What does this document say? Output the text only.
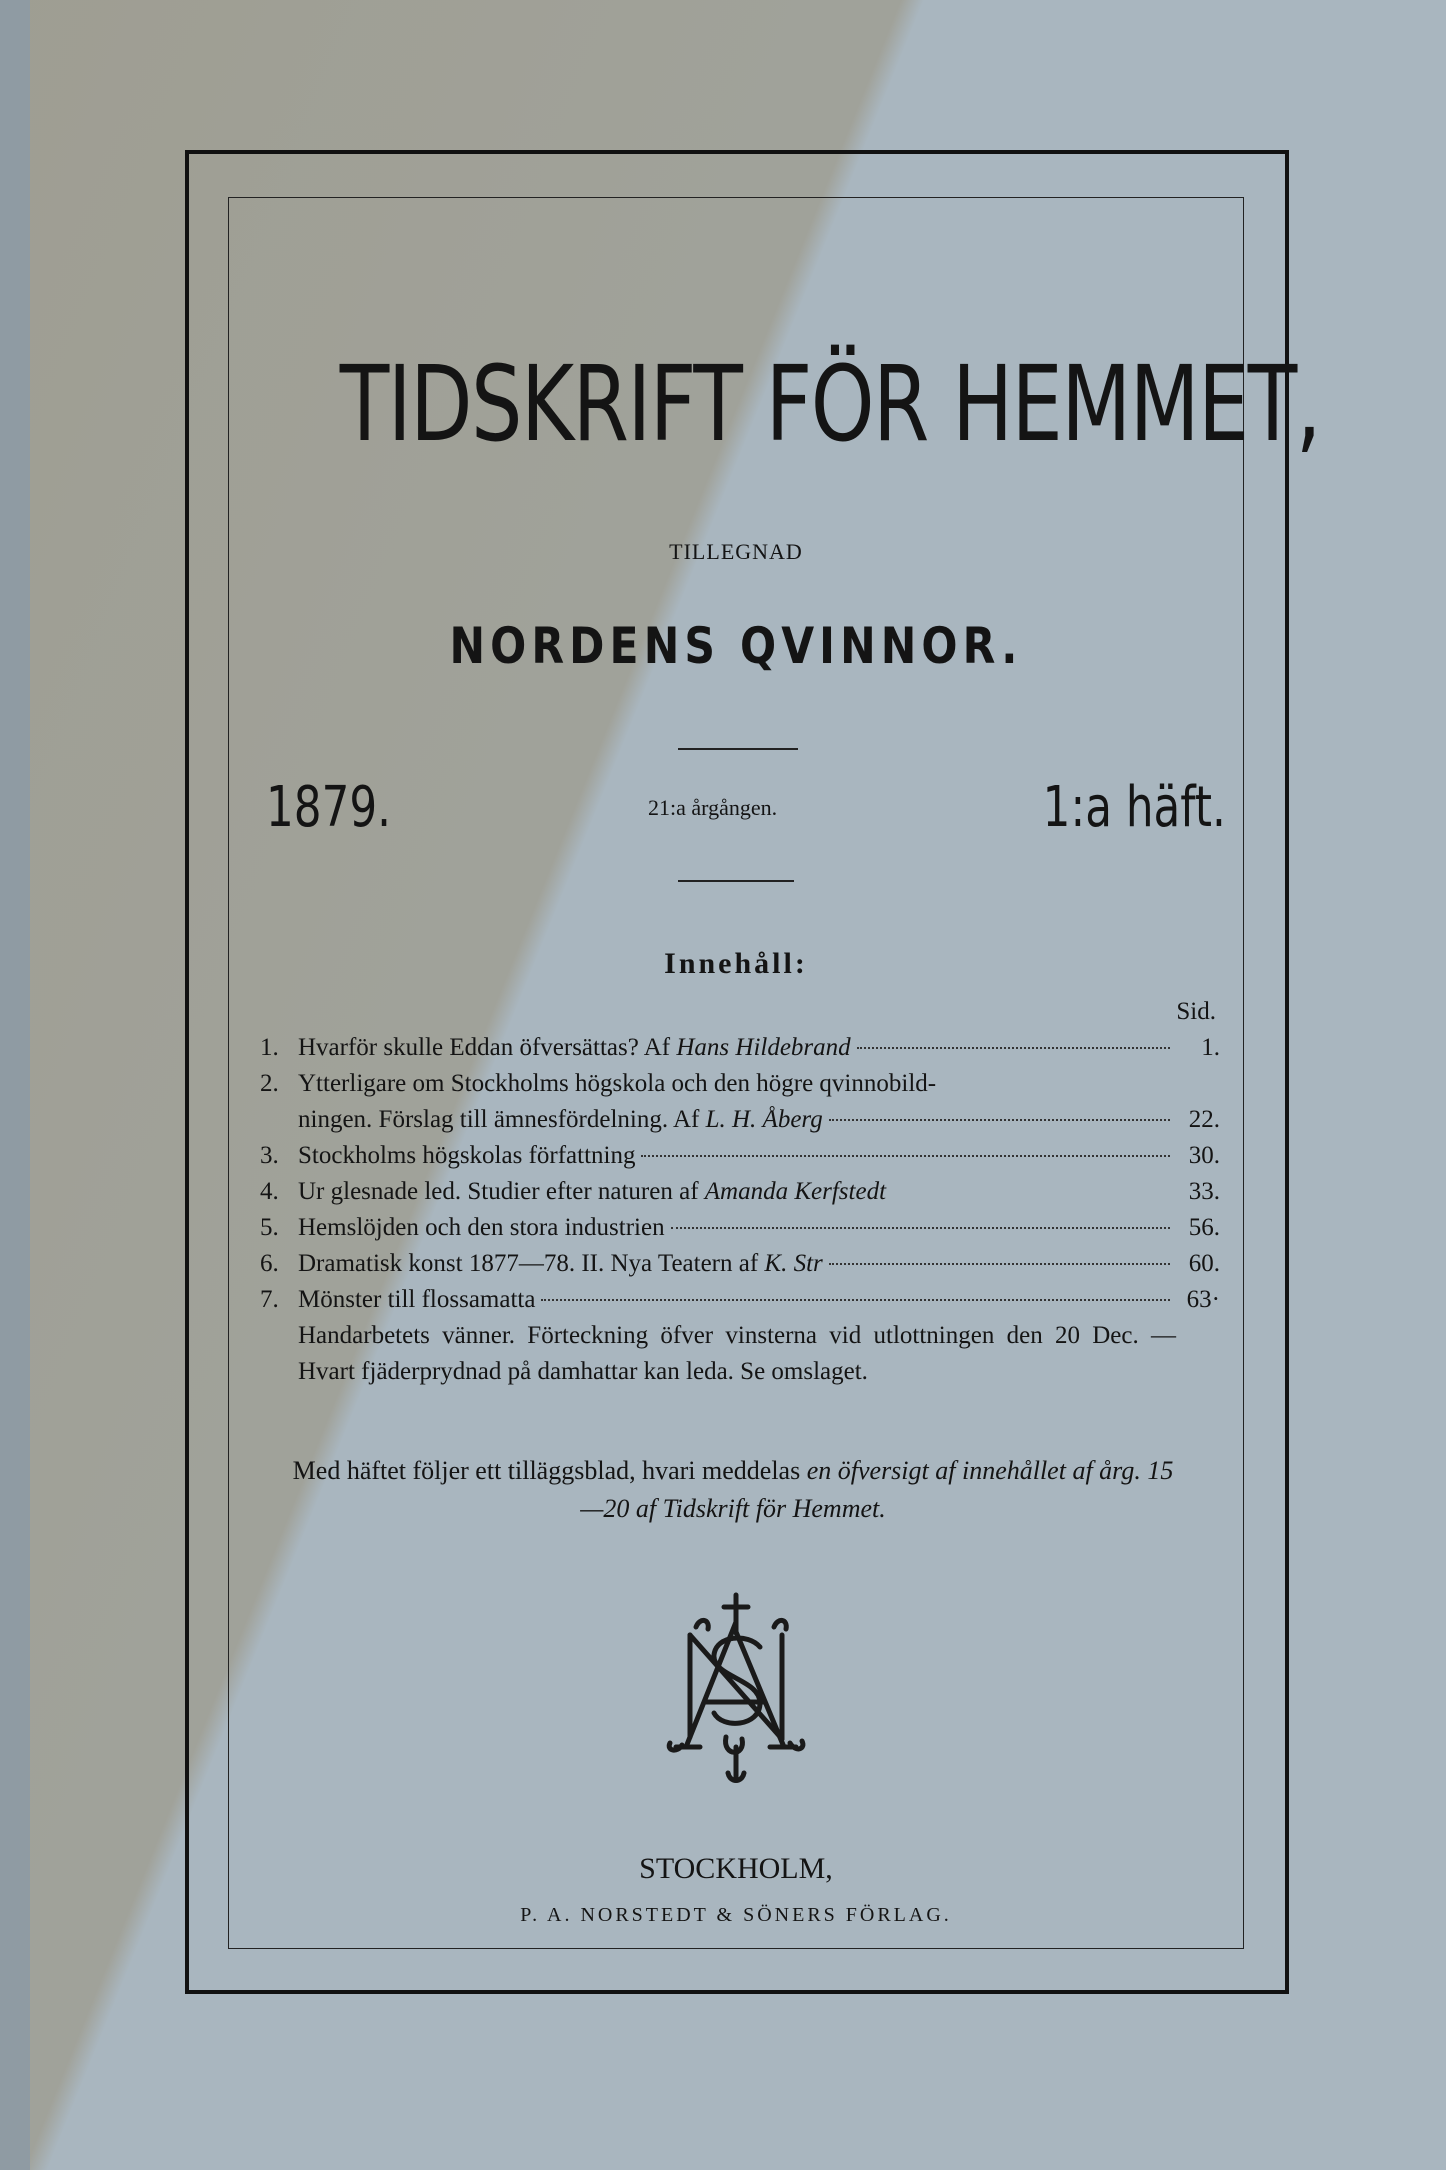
TIDSKRIFT FÖR HEMMET,
TILLEGNAD
NORDENS QVINNOR.
1879.	21:a årgången.	1:a häft.
Innehåll:
Sid.
1. Hvarför skulle Eddan öfversättas? Af Hans Hildebrand	1.
2. Ytterligare om Stockholms högskola och den högre qvinnobild-
ningen. Förslag till ämnesfördelning. Af L. H. Åberg	22.
3. Stockholms högskolas författning	30.
4. Ur glesnade led. Studier efter naturen af Amanda Kerfstedt	33.
5. Hemslöjden och den stora industrien	56.
6. Dramatisk konst 1877—78. II. Nya Teatern af K. Str	60.
7. Mönster till flossamatta	63·
Handarbetets vänner. Förteckning öfver vinsterna vid utlottningen den 20 Dec. — Hvart fjäderprydnad på damhattar kan leda. Se omslaget.
Med häftet följer ett tilläggsblad, hvari meddelas en öfversigt af innehållet af årg. 15—20 af Tidskrift för Hemmet.
STOCKHOLM,
P. A. NORSTEDT & SÖNERS FÖRLAG.
